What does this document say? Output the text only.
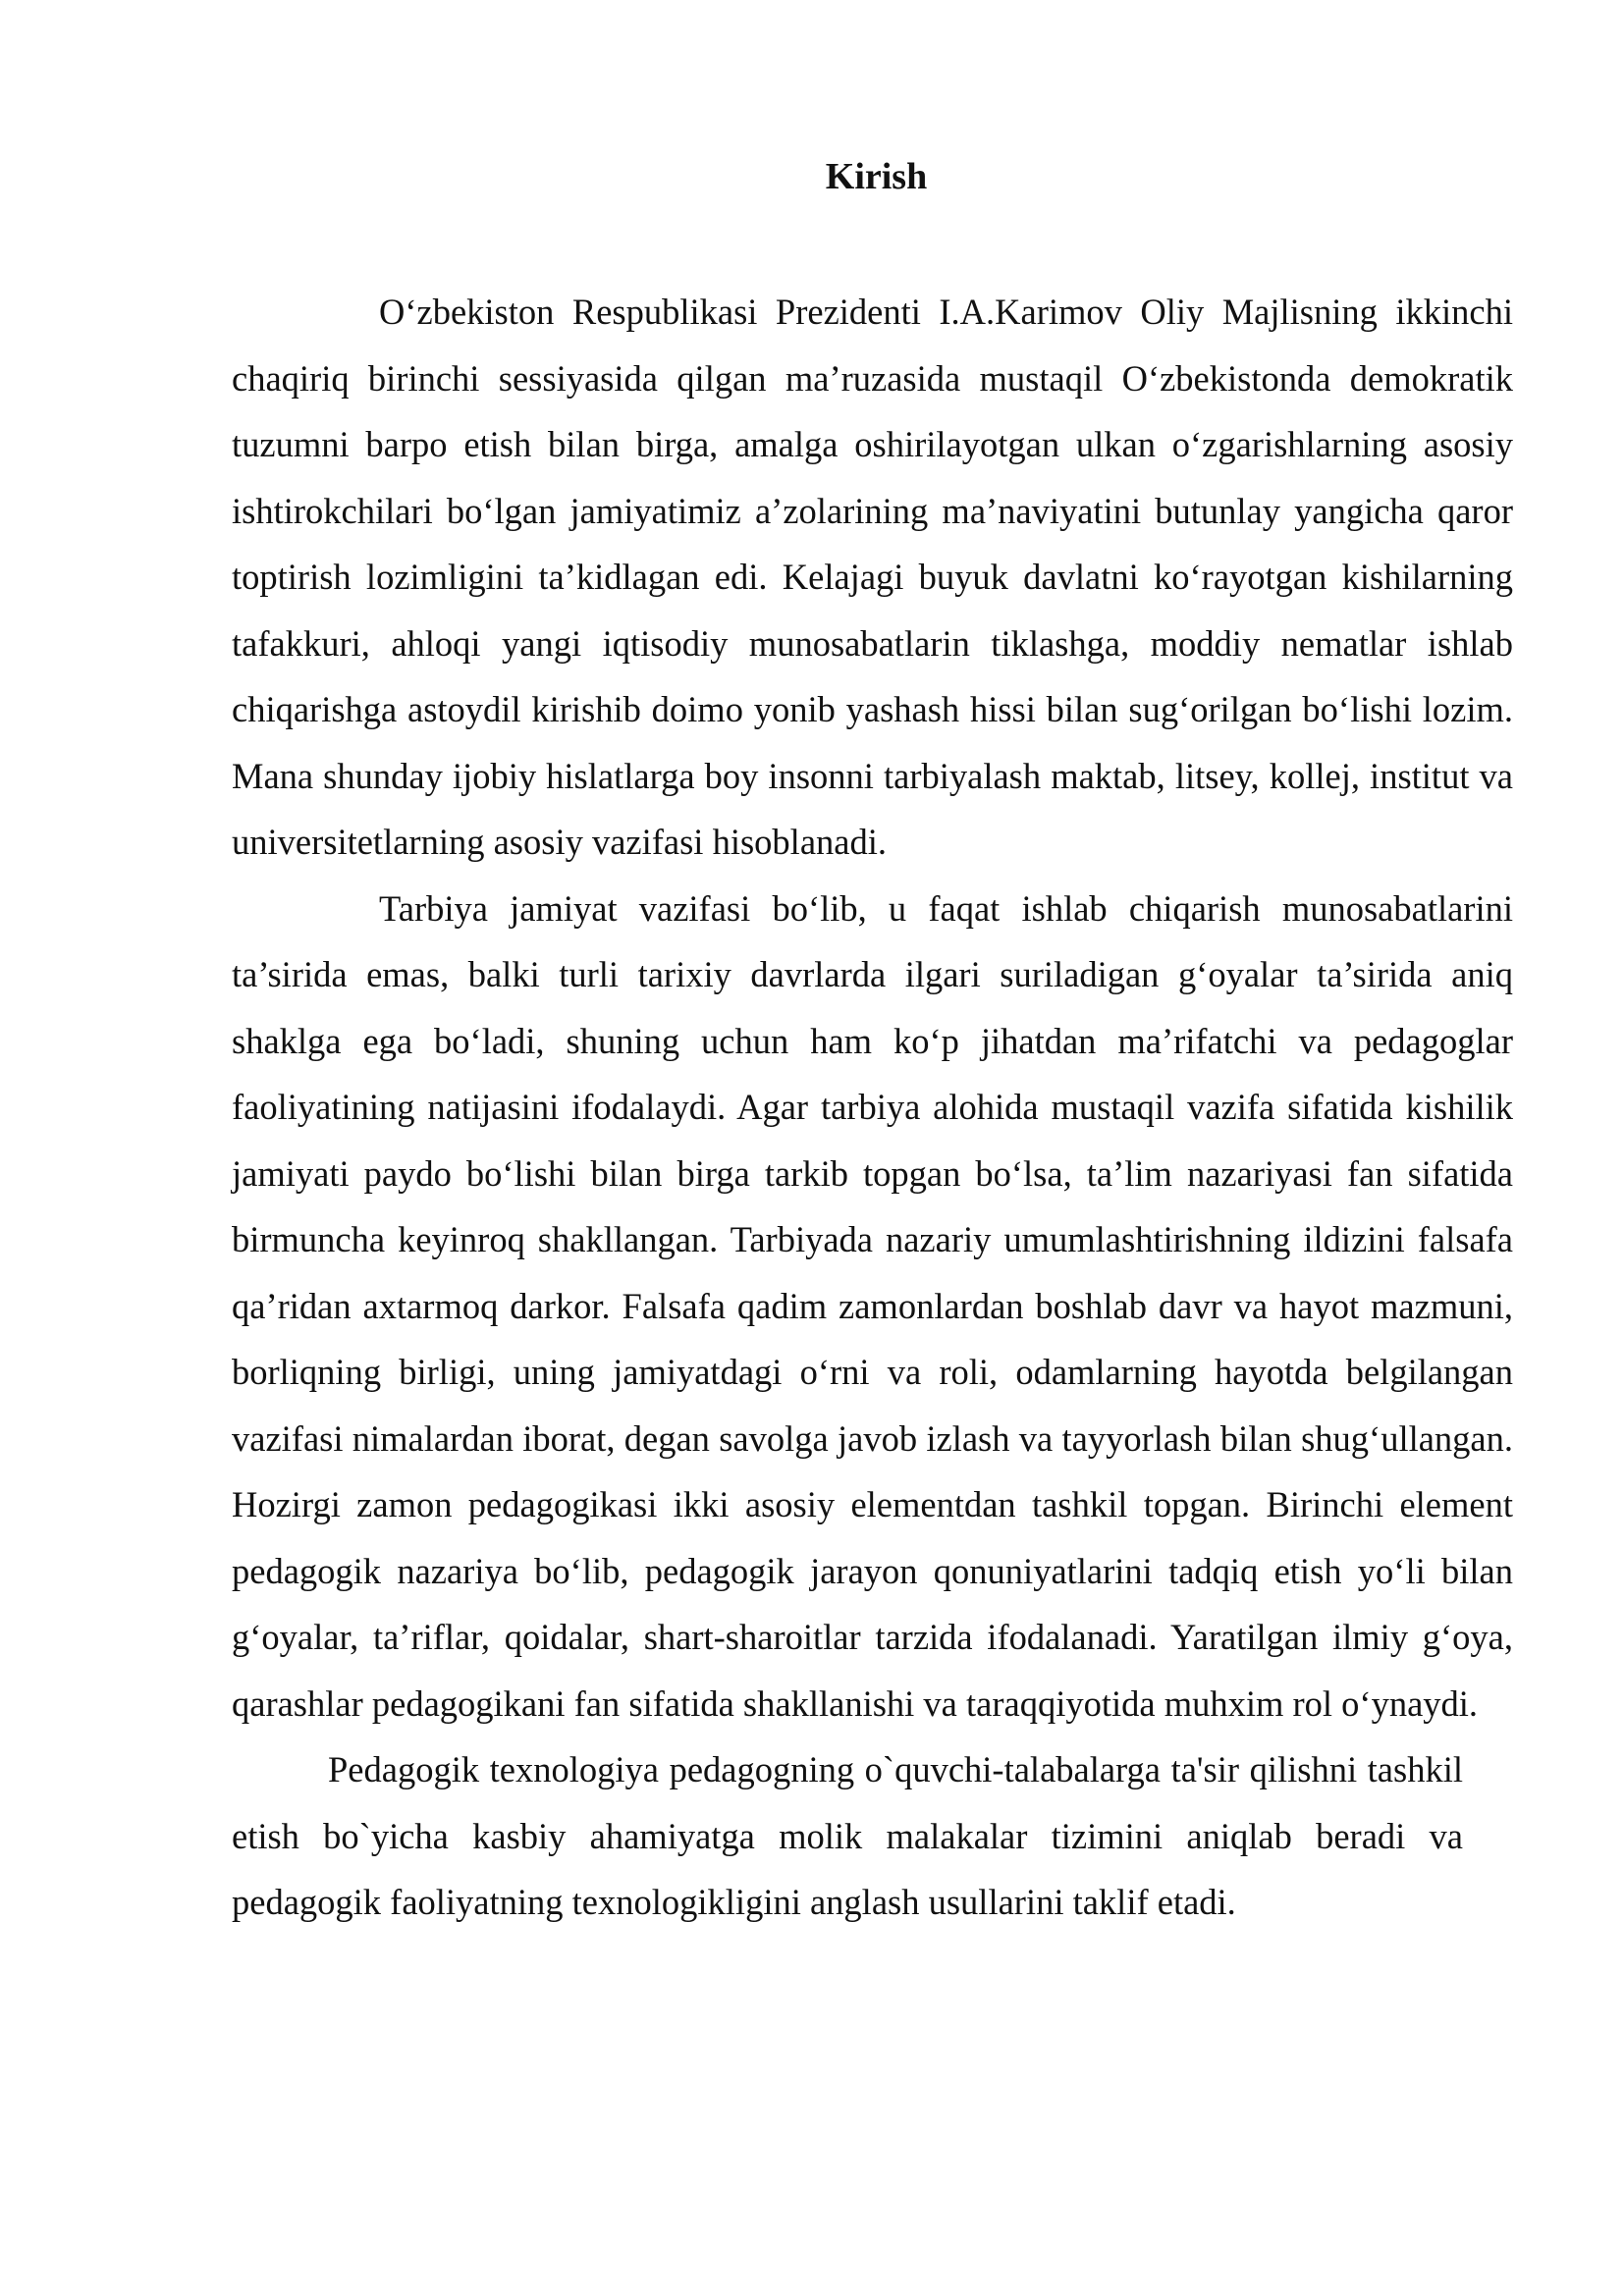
Kirish

O‘zbekiston Respublikasi Prezidenti I.A.Karimov Oliy Majlisning ikkinchi chaqiriq birinchi sessiyasida qilgan ma’ruzasida mustaqil O‘zbekistonda demokratik tuzumni barpo etish bilan birga, amalga oshirilayotgan ulkan o‘zgarishlarning asosiy ishtirokchilari bo‘lgan jamiyatimiz a’zolarining ma’naviyatini butunlay yangicha qaror toptirish lozimligini ta’kidlagan edi. Kelajagi buyuk davlatni ko‘rayotgan kishilarning tafakkuri, ahloqi yangi iqtisodiy munosabatlarin tiklashga, moddiy nematlar ishlab chiqarishga astoydil kirishib doimo yonib yashash hissi bilan sug‘orilgan bo‘lishi lozim. Mana shunday ijobiy hislatlarga boy insonni tarbiyalash maktab, litsey, kollej, institut va universitetlarning asosiy vazifasi hisoblanadi.

Tarbiya jamiyat vazifasi bo‘lib, u faqat ishlab chiqarish munosabatlarini ta’sirida emas, balki turli tarixiy davrlarda ilgari suriladigan g‘oyalar ta’sirida aniq shaklga ega bo‘ladi, shuning uchun ham ko‘p jihatdan ma’rifatchi va pedagoglar faoliyatining natijasini ifodalaydi. Agar tarbiya alohida mustaqil vazifa sifatida kishilik jamiyati paydo bo‘lishi bilan birga tarkib topgan bo‘lsa, ta’lim nazariyasi fan sifatida birmuncha keyinroq shakllangan. Tarbiyada nazariy umumlashtirishning ildizini falsafa qa’ridan axtarmoq darkor. Falsafa qadim zamonlardan boshlab davr va hayot mazmuni, borliqning birligi, uning jamiyatdagi o‘rni va roli, odamlarning hayotda belgilangan vazifasi nimalardan iborat, degan savolga javob izlash va tayyorlash bilan shug‘ullangan. Hozirgi zamon pedagogikasi ikki asosiy elementdan tashkil topgan. Birinchi element pedagogik nazariya bo‘lib, pedagogik jarayon qonuniyatlarini tadqiq etish yo‘li bilan g‘oyalar, ta’riflar, qoidalar, shart-sharoitlar tarzida ifodalanadi. Yaratilgan ilmiy g‘oya, qarashlar pedagogikani fan sifatida shakllanishi va taraqqiyotida muhxim rol o‘ynaydi.

Pedagogik texnologiya pedagogning o`quvchi-talabalarga ta'sir qilishni tashkil etish bo`yicha kasbiy ahamiyatga molik malakalar tizimini aniqlab beradi va pedagogik faoliyatning texnologikligini anglash usullarini taklif etadi.
